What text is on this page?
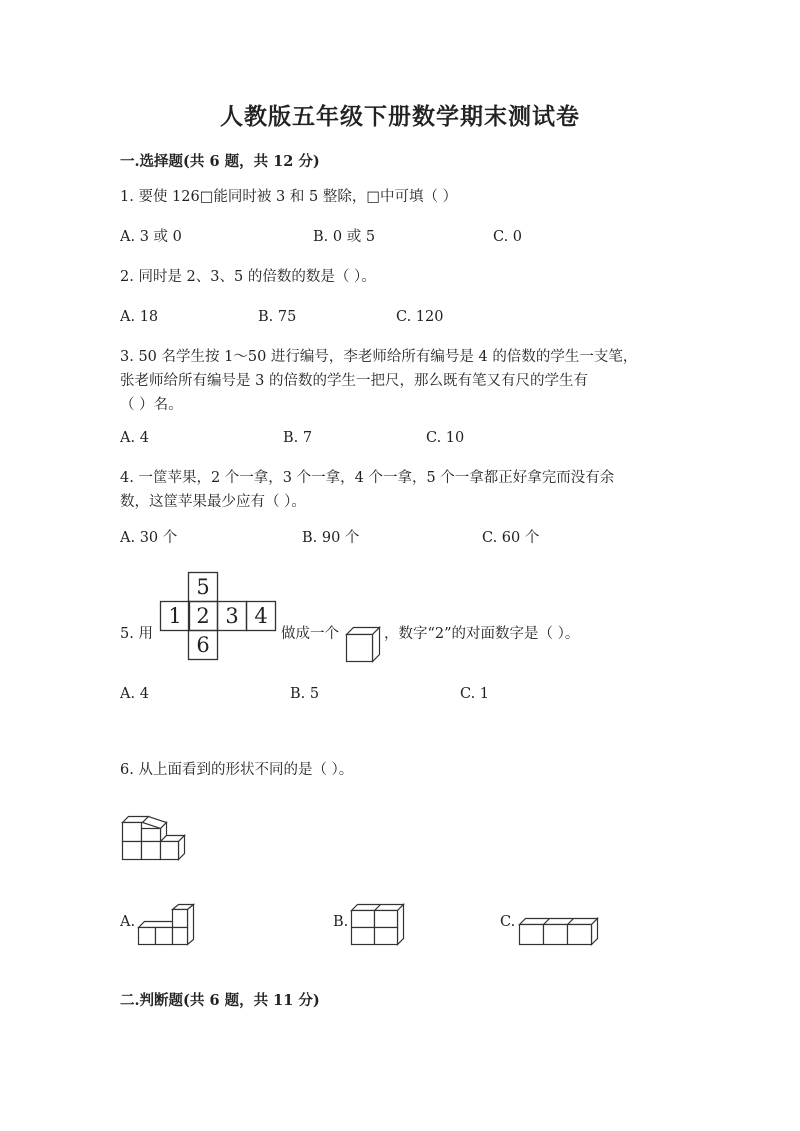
人教版五年级下册数学期末测试卷
一.选择题(共 6 题，共 12 分)
1. 要使 126□能同时被 3 和 5 整除，□中可填（ ）
A. 3 或 0	B. 0 或 5	C. 0
2. 同时是 2、3、5 的倍数的数是（ ）。
A. 18	B. 75	C. 120
3. 50 名学生按 1～50 进行编号，李老师给所有编号是 4 的倍数的学生一支笔，
张老师给所有编号是 3 的倍数的学生一把尺，那么既有笔又有尺的学生有
（ ）名。
A. 4	B. 7	C. 10
4. 一筐苹果，2 个一拿，3 个一拿，4 个一拿，5 个一拿都正好拿完而没有余
数，这筐苹果最少应有（ ）。
A. 30 个	B. 90 个	C. 60 个
5. 用
5
1 2 3 4
6	做成一个	，数字“2”的对面数字是（ ）。
A. 4	B. 5	C. 1
6. 从上面看到的形状不同的是（ ）。
A.	B.	C.
二.判断题(共 6 题，共 11 分)
